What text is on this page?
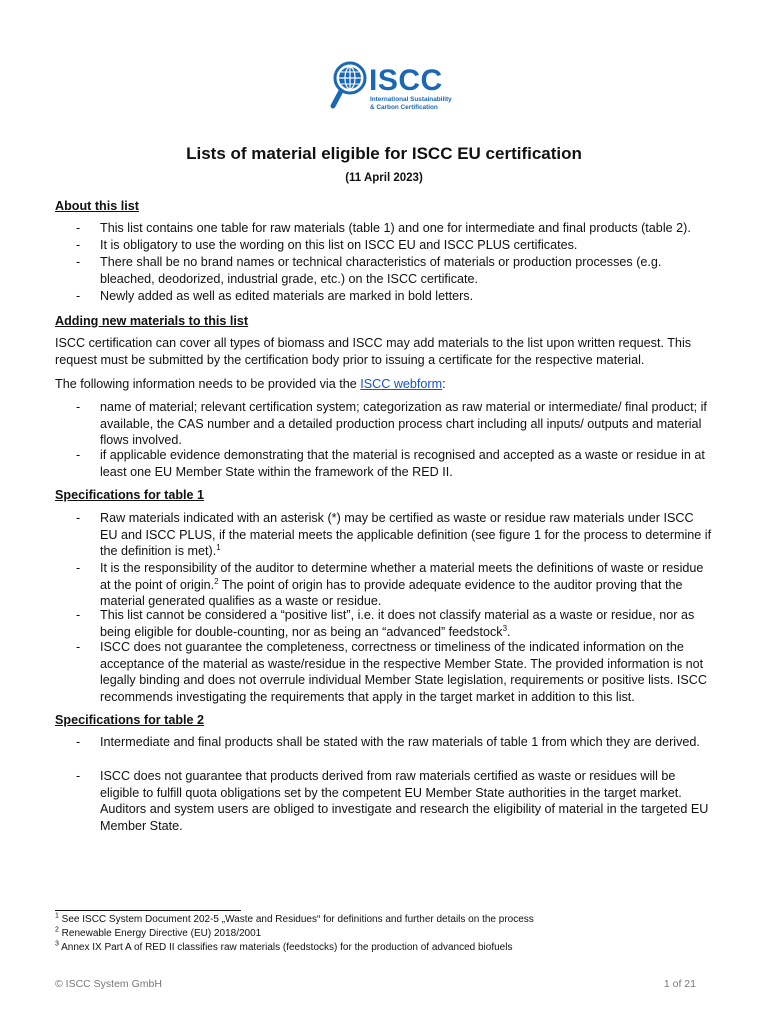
ISCC
International Sustainability
& Carbon Certification
Lists of material eligible for ISCC EU certification
(11 April 2023)
About this list
-	This list contains one table for raw materials (table 1) and one for intermediate and final products (table 2).
-	It is obligatory to use the wording on this list on ISCC EU and ISCC PLUS certificates.
-	There shall be no brand names or technical characteristics of materials or production processes (e.g. bleached, deodorized, industrial grade, etc.) on the ISCC certificate.
-	Newly added as well as edited materials are marked in bold letters.
Adding new materials to this list
ISCC certification can cover all types of biomass and ISCC may add materials to the list upon written request. This request must be submitted by the certification body prior to issuing a certificate for the respective material.
The following information needs to be provided via the ISCC webform:
-	name of material; relevant certification system; categorization as raw material or intermediate/ final product; if available, the CAS number and a detailed production process chart including all inputs/ outputs and material flows involved.
-	if applicable evidence demonstrating that the material is recognised and accepted as a waste or residue in at least one EU Member State within the framework of the RED II.
Specifications for table 1
-	Raw materials indicated with an asterisk (*) may be certified as waste or residue raw materials under ISCC EU and ISCC PLUS, if the material meets the applicable definition (see figure 1 for the process to determine if the definition is met).$^1$
-	It is the responsibility of the auditor to determine whether a material meets the definitions of waste or residue at the point of origin.$^2$ The point of origin has to provide adequate evidence to the auditor proving that the material generated qualifies as a waste or residue.
-	This list cannot be considered a “positive list”, i.e. it does not classify material as a waste or residue, nor as being eligible for double-counting, nor as being an “advanced” feedstock$^3$.
-	ISCC does not guarantee the completeness, correctness or timeliness of the indicated information on the acceptance of the material as waste/residue in the respective Member State. The provided information is not legally binding and does not overrule individual Member State legislation, requirements or positive lists. ISCC recommends investigating the requirements that apply in the target market in addition to this list.
Specifications for table 2
-	Intermediate and final products shall be stated with the raw materials of table 1 from which they are derived.
-	ISCC does not guarantee that products derived from raw materials certified as waste or residues will be eligible to fulfill quota obligations set by the competent EU Member State authorities in the target market. Auditors and system users are obliged to investigate and research the eligibility of material in the targeted EU Member State.
$^1$ See ISCC System Document 202-5 „Waste and Residues“ for definitions and further details on the process
$^2$ Renewable Energy Directive (EU) 2018/2001
$^3$ Annex IX Part A of RED II classifies raw materials (feedstocks) for the production of advanced biofuels
© ISCC System GmbH	1 of 21
